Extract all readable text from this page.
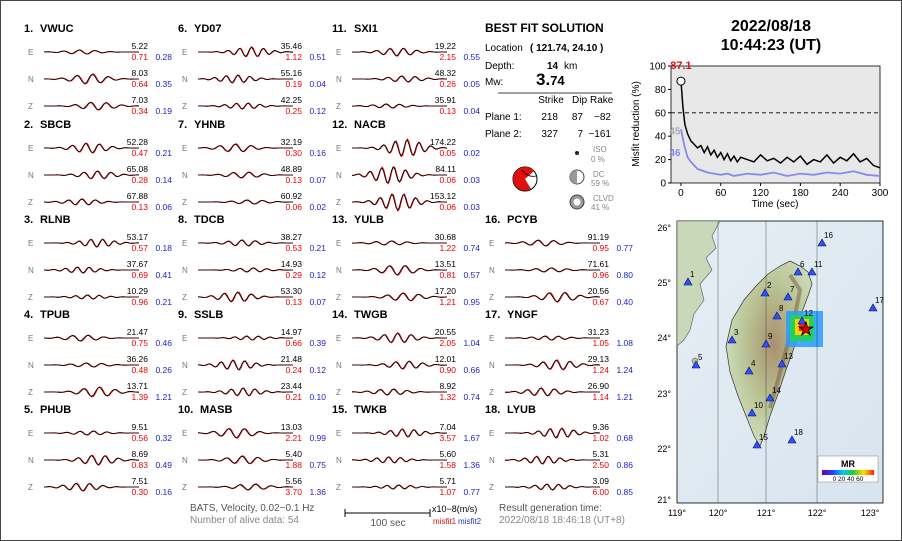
1. VWUC
E
5.22
0.71 0.28
N
8.03
0.64 0.35
Z
7.03
0.34 0.19
2. SBCB
E
52.28
0.47 0.21
N
65.08
0.28 0.14
Z
67.88
0.13 0.06
3. RLNB
E
53.17
0.57 0.18
N
37.67
0.69 0.41
Z
10.29
0.96 0.21
4. TPUB
E
21.47
0.75 0.46
N
36.26
0.48 0.26
Z
13.71
1.39 1.21
5. PHUB
E
9.51
0.56 0.32
N
8.69
0.83 0.49
Z
7.51
0.30 0.16
6. YD07
E
35.46
1.12 0.51
N
55.16
0.19 0.04
Z
42.25
0.25 0.12
7. YHNB
E
32.19
0.30 0.16
N
48.89
0.13 0.07
Z
60.92
0.06 0.02
8. TDCB
E
38.27
0.53 0.21
N
14.93
0.29 0.12
Z
53.30
0.13 0.07
9. SSLB
E
14.97
0.66 0.39
N
21.48
0.24 0.12
Z
23.44
0.21 0.10
10. MASB
E
13.03
2.21 0.99
N
5.40
1.88 0.75
Z
5.56
3.70 1.36
11. SXI1
E
19.22
2.15 0.55
N
48.32
0.26 0.05
Z
35.91
0.13 0.04
12. NACB
E
174.22
0.05 0.02
N
84.11
0.06 0.03
Z
153.12
0.06 0.03
13. YULB
E
30.68
1.22 0.74
N
13.51
0.81 0.57
Z
17.20
1.21 0.95
14. TWGB
E
20.55
2.05 1.04
N
12.01
0.90 0.66
Z
8.92
1.32 0.74
15. TWKB
E
7.04
3.57 1.67
N
5.60
1.58 1.36
Z
5.71
1.07 0.77
16. PCYB
E
91.19
0.95 0.77
N
71.61
0.96 0.80
Z
20.56
0.67 0.40
17. YNGF
E
31.23
1.05 1.08
N
29.13
1.24 1.24
Z
26.90
1.14 1.21
18. LYUB
E
9.36
1.02 0.68
N
5.31
2.50 0.86
Z
3.09
6.00 0.85
BEST FIT SOLUTION
Location ( 121.74, 24.10 )
Depth:	14 km
Mw: 3.74
Strike Dip Rake
Plane 1: 218 87 −82
Plane 2: 327 7 −161
ISO
0 %
DC
59 %
CLVD
41 %
2022/08/18
10:44:23 (UT)
Misfit reduction (%)
Time (sec)
0	60	120 180 240 300
0
20
40
60
80
100 87.1
45
46
1
2
3
4
5
6
7
8
9
10
11
12
13
14
15
16
17
18
★
MR
0 20 40 60
119°	120°	121°	122°	123°
26°
25°
24°
23°
22°
21°
BATS, Velocity, 0.02~0.1 Hz
Number of alive data: 54	100 sec
x10−8(m/s)
misfit1 misfit2
Result generation time:
2022/08/18 18:46:18 (UT+8)
